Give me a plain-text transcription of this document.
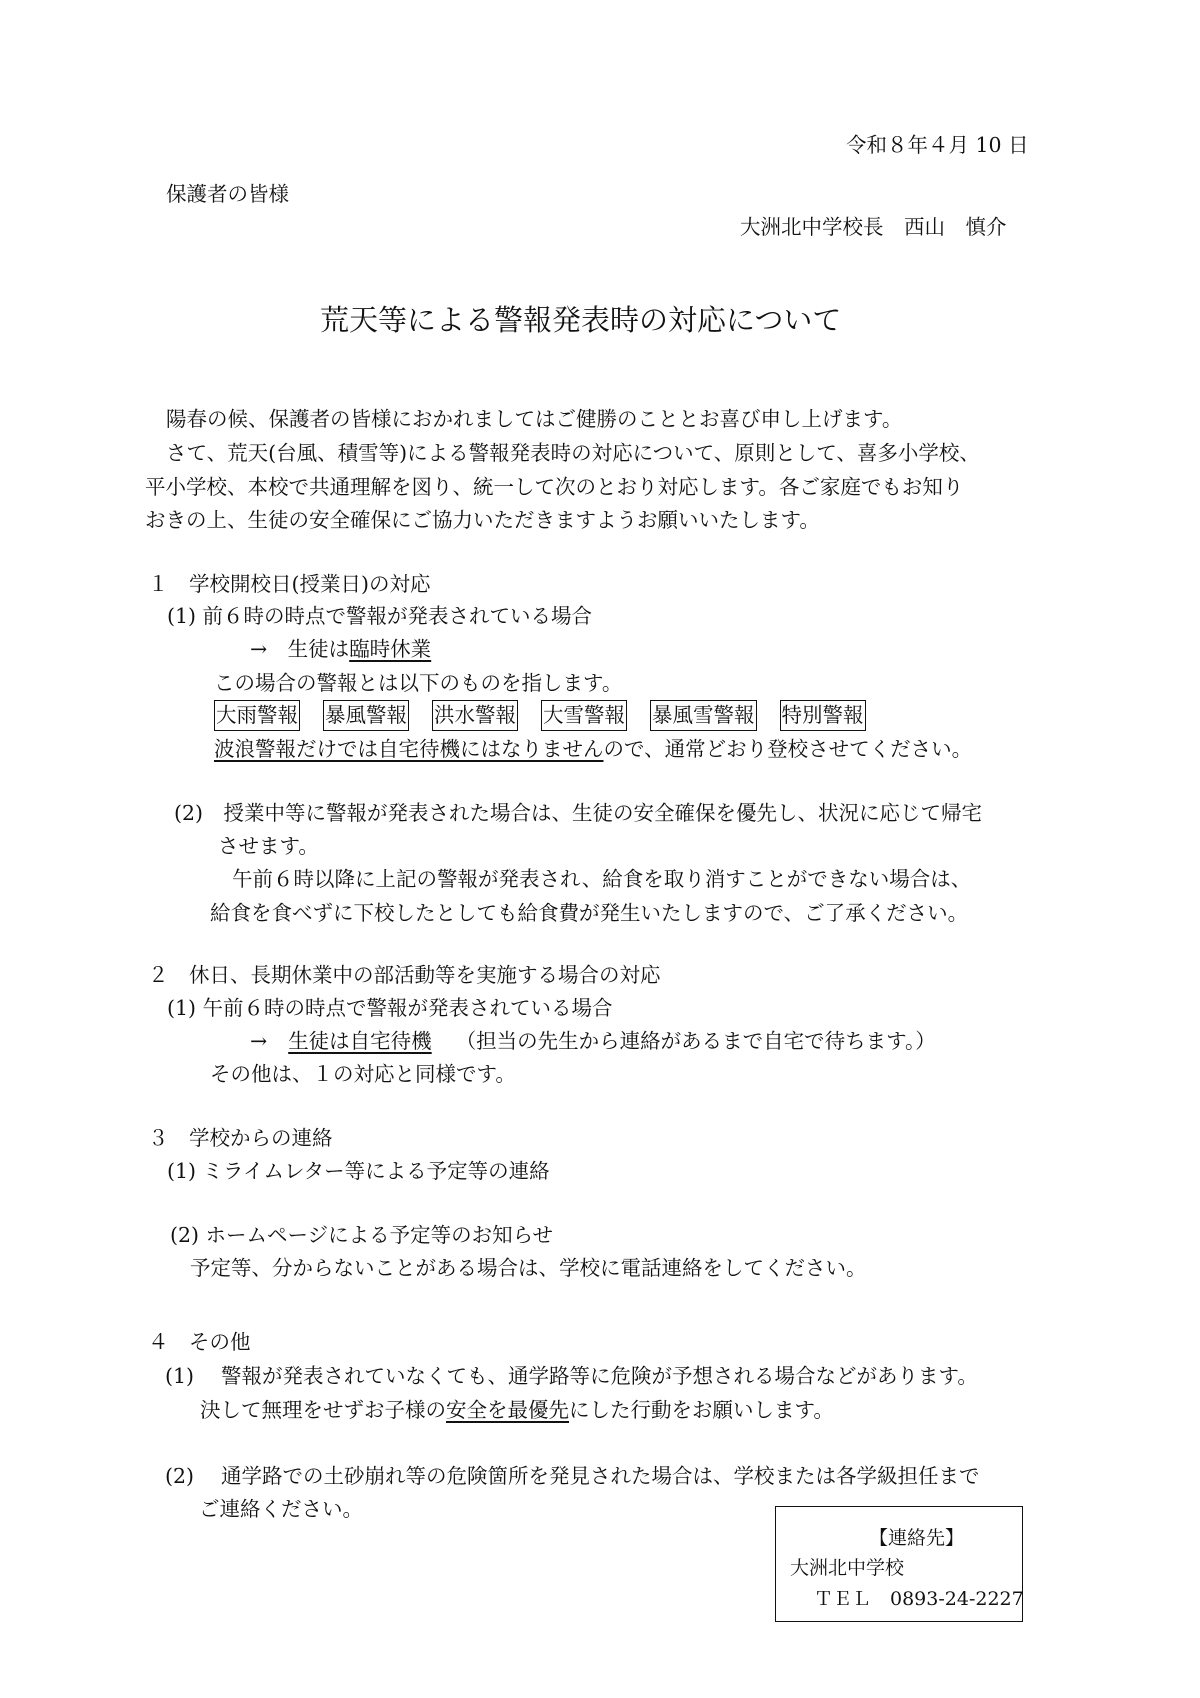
令和８年４月 10 日
保護者の皆様
大洲北中学校長　西山　慎介
荒天等による警報発表時の対応について
陽春の候、保護者の皆様におかれましてはご健勝のこととお喜び申し上げます。
さて、荒天(台風、積雪等)による警報発表時の対応について、原則として、喜多小学校、
平小学校、本校で共通理解を図り、統一して次のとおり対応します。各ご家庭でもお知り
おきの上、生徒の安全確保にご協力いただきますようお願いいたします。
１　学校開校日(授業日)の対応
(1) 前６時の時点で警報が発表されている場合
→　生徒は臨時休業
この場合の警報とは以下のものを指します。
大雨警報 暴風警報 洪水警報 大雪警報 暴風雪警報 特別警報
波浪警報だけでは自宅待機にはなりませんので、通常どおり登校させてください。
(2)　授業中等に警報が発表された場合は、生徒の安全確保を優先し、状況に応じて帰宅
させます。
午前６時以降に上記の警報が発表され、給食を取り消すことができない場合は、
給食を食べずに下校したとしても給食費が発生いたしますので、ご了承ください。
２　休日、長期休業中の部活動等を実施する場合の対応
(1) 午前６時の時点で警報が発表されている場合
→ 生徒は自宅待機 （担当の先生から連絡があるまで自宅で待ちます。）
その他は、１の対応と同様です。
３　学校からの連絡
(1) ミライムレター等による予定等の連絡
(2) ホームページによる予定等のお知らせ
予定等、分からないことがある場合は、学校に電話連絡をしてください。
４　その他
(1)　 警報が発表されていなくても、通学路等に危険が予想される場合などがあります。
決して無理をせずお子様の安全を最優先にした行動をお願いします。
(2)　 通学路での土砂崩れ等の危険箇所を発見された場合は、学校または各学級担任まで
ご連絡ください。
【連絡先】
大洲北中学校
ＴＥＬ　0893-24-2227
